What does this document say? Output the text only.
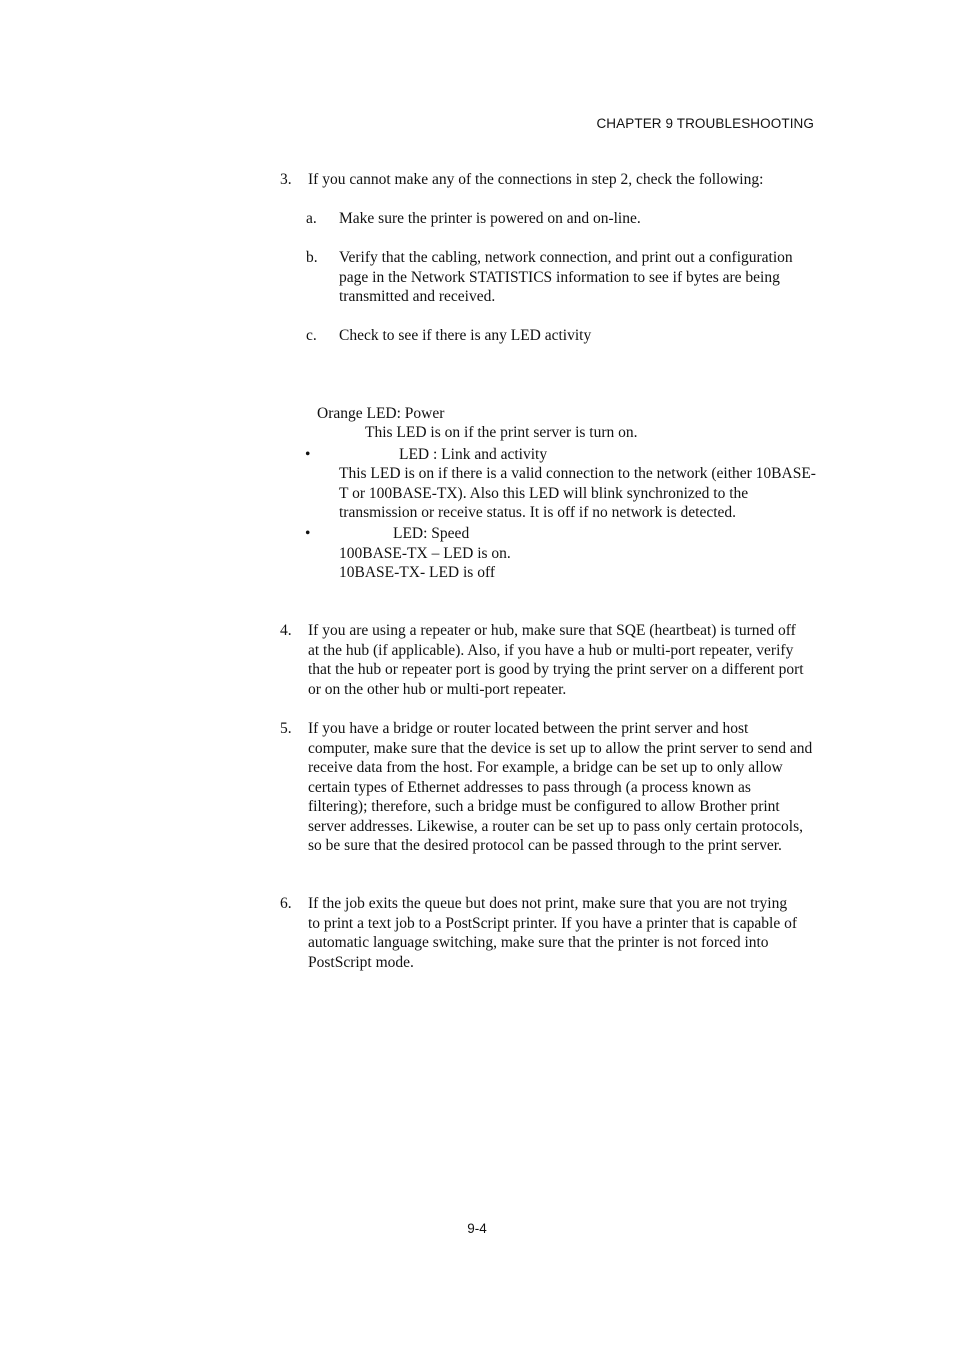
CHAPTER 9 TROUBLESHOOTING
3. If you cannot make any of the connections in step 2, check the following:
a. Make sure the printer is powered on and on-line.
b. Verify that the cabling, network connection, and print out a configuration page in the Network STATISTICS information to see if bytes are being transmitted and received.
c. Check to see if there is any LED activity
Orange LED: Power
This LED is on if the print server is turn on.
•	LED : Link and activity
This LED is on if there is a valid connection to the network (either 10BASE-T or 100BASE-TX). Also this LED will blink synchronized to the transmission or receive status. It is off if no network is detected.
•	LED: Speed
100BASE-TX – LED is on.
10BASE-TX- LED is off
4. If you are using a repeater or hub, make sure that SQE (heartbeat) is turned off at the hub (if applicable). Also, if you have a hub or multi-port repeater, verify that the hub or repeater port is good by trying the print server on a different port or on the other hub or multi-port repeater.
5. If you have a bridge or router located between the print server and host computer, make sure that the device is set up to allow the print server to send and receive data from the host. For example, a bridge can be set up to only allow certain types of Ethernet addresses to pass through (a process known as filtering); therefore, such a bridge must be configured to allow Brother print server addresses. Likewise, a router can be set up to pass only certain protocols, so be sure that the desired protocol can be passed through to the print server.
6. If the job exits the queue but does not print, make sure that you are not trying to print a text job to a PostScript printer. If you have a printer that is capable of automatic language switching, make sure that the printer is not forced into PostScript mode.
9-4
